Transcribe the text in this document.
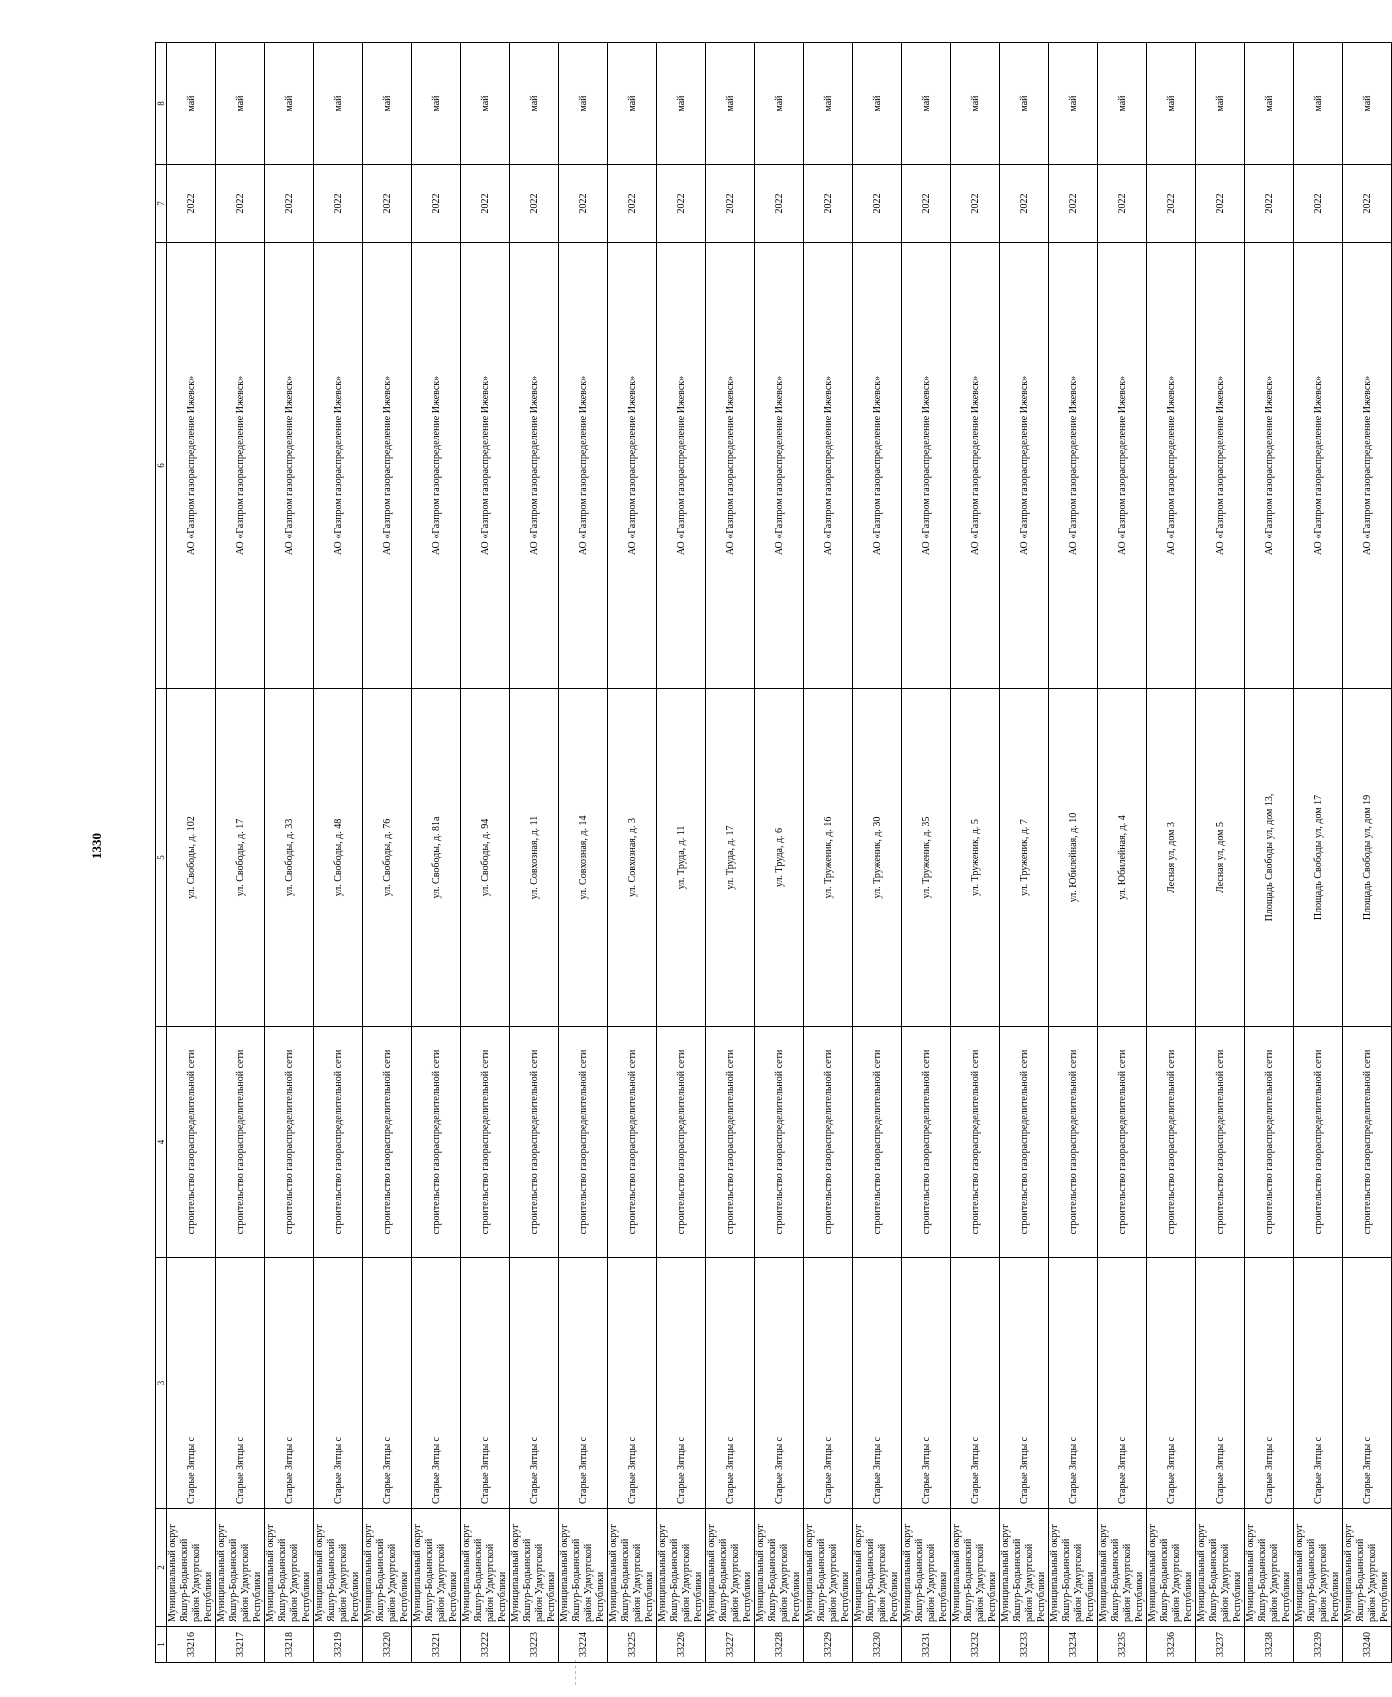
1330
1	2	3	4	5	6	7	8
33216	Муниципальный округ Якшур-Бодьинский район Удмуртской Республики	Старые Зятцы с	строительство газораспределительной сети	ул. Свободы, д. 102	АО «Газпром газораспределение Ижевск»	2022	май
33217	Муниципальный округ Якшур-Бодьинский район Удмуртской Республики	Старые Зятцы с	строительство газораспределительной сети	ул. Свободы, д. 17	АО «Газпром газораспределение Ижевск»	2022	май
33218	Муниципальный округ Якшур-Бодьинский район Удмуртской Республики	Старые Зятцы с	строительство газораспределительной сети	ул. Свободы, д. 33	АО «Газпром газораспределение Ижевск»	2022	май
33219	Муниципальный округ Якшур-Бодьинский район Удмуртской Республики	Старые Зятцы с	строительство газораспределительной сети	ул. Свободы, д. 48	АО «Газпром газораспределение Ижевск»	2022	май
33220	Муниципальный округ Якшур-Бодьинский район Удмуртской Республики	Старые Зятцы с	строительство газораспределительной сети	ул. Свободы, д. 76	АО «Газпром газораспределение Ижевск»	2022	май
33221	Муниципальный округ Якшур-Бодьинский район Удмуртской Республики	Старые Зятцы с	строительство газораспределительной сети	ул. Свободы, д. 81а	АО «Газпром газораспределение Ижевск»	2022	май
33222	Муниципальный округ Якшур-Бодьинский район Удмуртской Республики	Старые Зятцы с	строительство газораспределительной сети	ул. Свободы, д. 94	АО «Газпром газораспределение Ижевск»	2022	май
33223	Муниципальный округ Якшур-Бодьинский район Удмуртской Республики	Старые Зятцы с	строительство газораспределительной сети	ул. Совхозная, д. 11	АО «Газпром газораспределение Ижевск»	2022	май
33224	Муниципальный округ Якшур-Бодьинский район Удмуртской Республики	Старые Зятцы с	строительство газораспределительной сети	ул. Совхозная, д. 14	АО «Газпром газораспределение Ижевск»	2022	май
33225	Муниципальный округ Якшур-Бодьинский район Удмуртской Республики	Старые Зятцы с	строительство газораспределительной сети	ул. Совхозная, д. 3	АО «Газпром газораспределение Ижевск»	2022	май
33226	Муниципальный округ Якшур-Бодьинский район Удмуртской Республики	Старые Зятцы с	строительство газораспределительной сети	ул. Труда, д. 11	АО «Газпром газораспределение Ижевск»	2022	май
33227	Муниципальный округ Якшур-Бодьинский район Удмуртской Республики	Старые Зятцы с	строительство газораспределительной сети	ул. Труда, д. 17	АО «Газпром газораспределение Ижевск»	2022	май
33228	Муниципальный округ Якшур-Бодьинский район Удмуртской Республики	Старые Зятцы с	строительство газораспределительной сети	ул. Труда, д. 6	АО «Газпром газораспределение Ижевск»	2022	май
33229	Муниципальный округ Якшур-Бодьинский район Удмуртской Республики	Старые Зятцы с	строительство газораспределительной сети	ул. Труженик, д. 16	АО «Газпром газораспределение Ижевск»	2022	май
33230	Муниципальный округ Якшур-Бодьинский район Удмуртской Республики	Старые Зятцы с	строительство газораспределительной сети	ул. Труженик, д. 30	АО «Газпром газораспределение Ижевск»	2022	май
33231	Муниципальный округ Якшур-Бодьинский район Удмуртской Республики	Старые Зятцы с	строительство газораспределительной сети	ул. Труженик, д. 35	АО «Газпром газораспределение Ижевск»	2022	май
33232	Муниципальный округ Якшур-Бодьинский район Удмуртской Республики	Старые Зятцы с	строительство газораспределительной сети	ул. Труженик, д. 5	АО «Газпром газораспределение Ижевск»	2022	май
33233	Муниципальный округ Якшур-Бодьинский район Удмуртской Республики	Старые Зятцы с	строительство газораспределительной сети	ул. Труженик, д. 7	АО «Газпром газораспределение Ижевск»	2022	май
33234	Муниципальный округ Якшур-Бодьинский район Удмуртской Республики	Старые Зятцы с	строительство газораспределительной сети	ул. Юбилейная, д. 10	АО «Газпром газораспределение Ижевск»	2022	май
33235	Муниципальный округ Якшур-Бодьинский район Удмуртской Республики	Старые Зятцы с	строительство газораспределительной сети	ул. Юбилейная, д. 4	АО «Газпром газораспределение Ижевск»	2022	май
33236	Муниципальный округ Якшур-Бодьинский район Удмуртской Республики	Старые Зятцы с	строительство газораспределительной сети	Лесная ул, дом 3	АО «Газпром газораспределение Ижевск»	2022	май
33237	Муниципальный округ Якшур-Бодьинский район Удмуртской Республики	Старые Зятцы с	строительство газораспределительной сети	Лесная ул, дом 5	АО «Газпром газораспределение Ижевск»	2022	май
33238	Муниципальный округ Якшур-Бодьинский район Удмуртской Республики	Старые Зятцы с	строительство газораспределительной сети	Площадь Свободы ул, дом 13,	АО «Газпром газораспределение Ижевск»	2022	май
33239	Муниципальный округ Якшур-Бодьинский район Удмуртской Республики	Старые Зятцы с	строительство газораспределительной сети	Площадь Свободы ул, дом 17	АО «Газпром газораспределение Ижевск»	2022	май
33240	Муниципальный округ Якшур-Бодьинский район Удмуртской Республики	Старые Зятцы с	строительство газораспределительной сети	Площадь Свободы ул, дом 19	АО «Газпром газораспределение Ижевск»	2022	май
